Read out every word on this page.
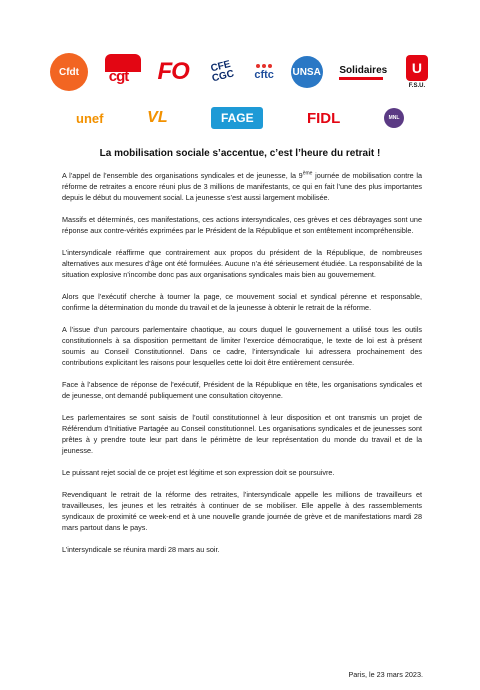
Cfdt cgt FO	CFE CGC	cftc UNSA Solidaires	U
F.S.U.
unef	VL	FAGE	FIDL	MNL
La mobilisation sociale s’accentue, c’est l’heure du retrait !

A l’appel de l’ensemble des organisations syndicales et de jeunesse, la 9ème journée de mobilisation contre la réforme de retraites a encore réuni plus de 3 millions de manifestants, ce qui en fait l’une des plus importantes depuis le début du mouvement social. La jeunesse s’est aussi largement mobilisée.

Massifs et déterminés, ces manifestations, ces actions intersyndicales, ces grèves et ces débrayages sont une réponse aux contre-vérités exprimées par le Président de la République et son entêtement incompréhensible.

L’intersyndicale réaffirme que contrairement aux propos du président de la République, de nombreuses alternatives aux mesures d’âge ont été formulées. Aucune n’a été sérieusement étudiée. La responsabilité de la situation explosive n’incombe donc pas aux organisations syndicales mais bien au gouvernement.

Alors que l’exécutif cherche à tourner la page, ce mouvement social et syndical pérenne et responsable, confirme la détermination du monde du travail et de la jeunesse à obtenir le retrait de la réforme.

A l’issue d’un parcours parlementaire chaotique, au cours duquel le gouvernement a utilisé tous les outils constitutionnels à sa disposition permettant de limiter l’exercice démocratique, le texte de loi est à présent soumis au Conseil Constitutionnel. Dans ce cadre, l’intersyndicale lui adressera prochainement des contributions explicitant les raisons pour lesquelles cette loi doit être entièrement censurée.

Face à l’absence de réponse de l’exécutif, Président de la République en tête, les organisations syndicales et de jeunesse, ont demandé publiquement une consultation citoyenne.

Les parlementaires se sont saisis de l’outil constitutionnel à leur disposition et ont transmis un projet de Référendum d’Initiative Partagée au Conseil constitutionnel. Les organisations syndicales et de jeunesses sont prêtes à y prendre toute leur part dans le périmètre de leur représentation du monde du travail et de la jeunesse.

Le puissant rejet social de ce projet est légitime et son expression doit se poursuivre.

Revendiquant le retrait de la réforme des retraites, l’intersyndicale appelle les millions de travailleurs et travailleuses, les jeunes et les retraités à continuer de se mobiliser. Elle appelle à des rassemblements syndicaux de proximité ce week-end et à une nouvelle grande journée de grève et de manifestations mardi 28 mars partout dans le pays.

L’intersyndicale se réunira mardi 28 mars au soir.

Paris, le 23 mars 2023.
